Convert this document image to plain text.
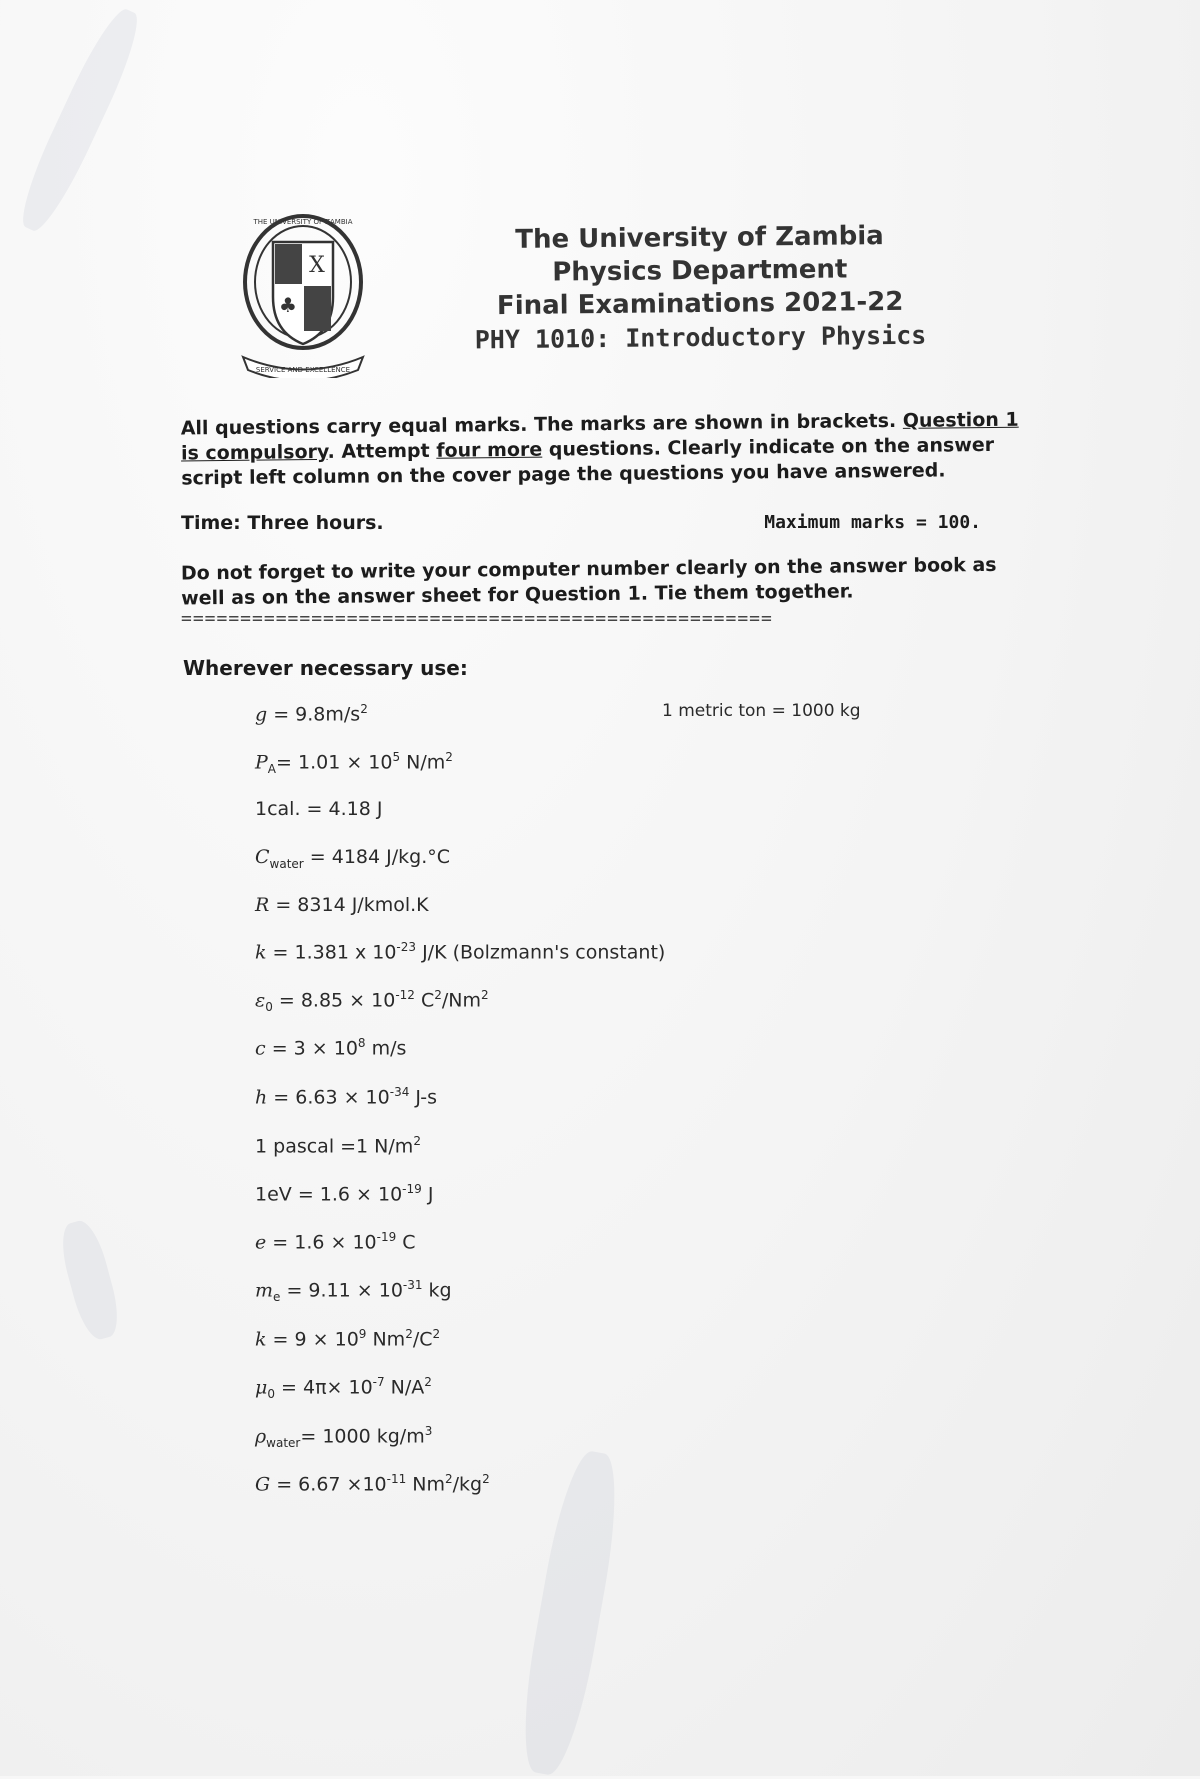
X
♣
THE UNIVERSITY OF ZAMBIA
SERVICE AND EXCELLENCE
The University of Zambia
Physics Department
Final Examinations 2021-22
PHY 1010: Introductory Physics
All questions carry equal marks. The marks are shown in brackets. Question 1 is compulsory. Attempt four more questions. Clearly indicate on the answer script left column on the cover page the questions you have answered.
Time: Three hours.	Maximum marks = 100.
Do not forget to write your computer number clearly on the answer book as well as on the answer sheet for Question 1. Tie them together.
==================================================
Wherever necessary use:
1 metric ton = 1000 kg
$g = 9.8m/s^2$
$P_A= 1.01 \times 10^5$ $N/m^2$
1cal. = 4.18 J
$C_{water} = 4184$ J/kg.°C
R = 8314 J/kmol.K
k = 1.381 x $10^{-23}$ J/K (Bolzmann's constant)
$\varepsilon_0 = 8.85 \times 10^{-12}$ $C^2/Nm^2$
$c = 3 \times 10^8$ m/s
$h = 6.63 \times 10^{-34}$ J-s
1 pascal =1 $N/m^2$
$1eV = 1.6 \times 10^{-19}$ J
$e = 1.6 \times 10^{-19}$ C
$m_e = 9.11 \times 10^{-31}$ kg
$k = 9 \times 10^9$ $Nm^2/C^2$
$\mu_0 = 4\pi\times 10^{-7}$ $N/A^2$
$\rho_{water}= 1000$ $kg/m^3$
$G = 6.67 \times 10^{-11}$ $Nm^2/kg^2$
